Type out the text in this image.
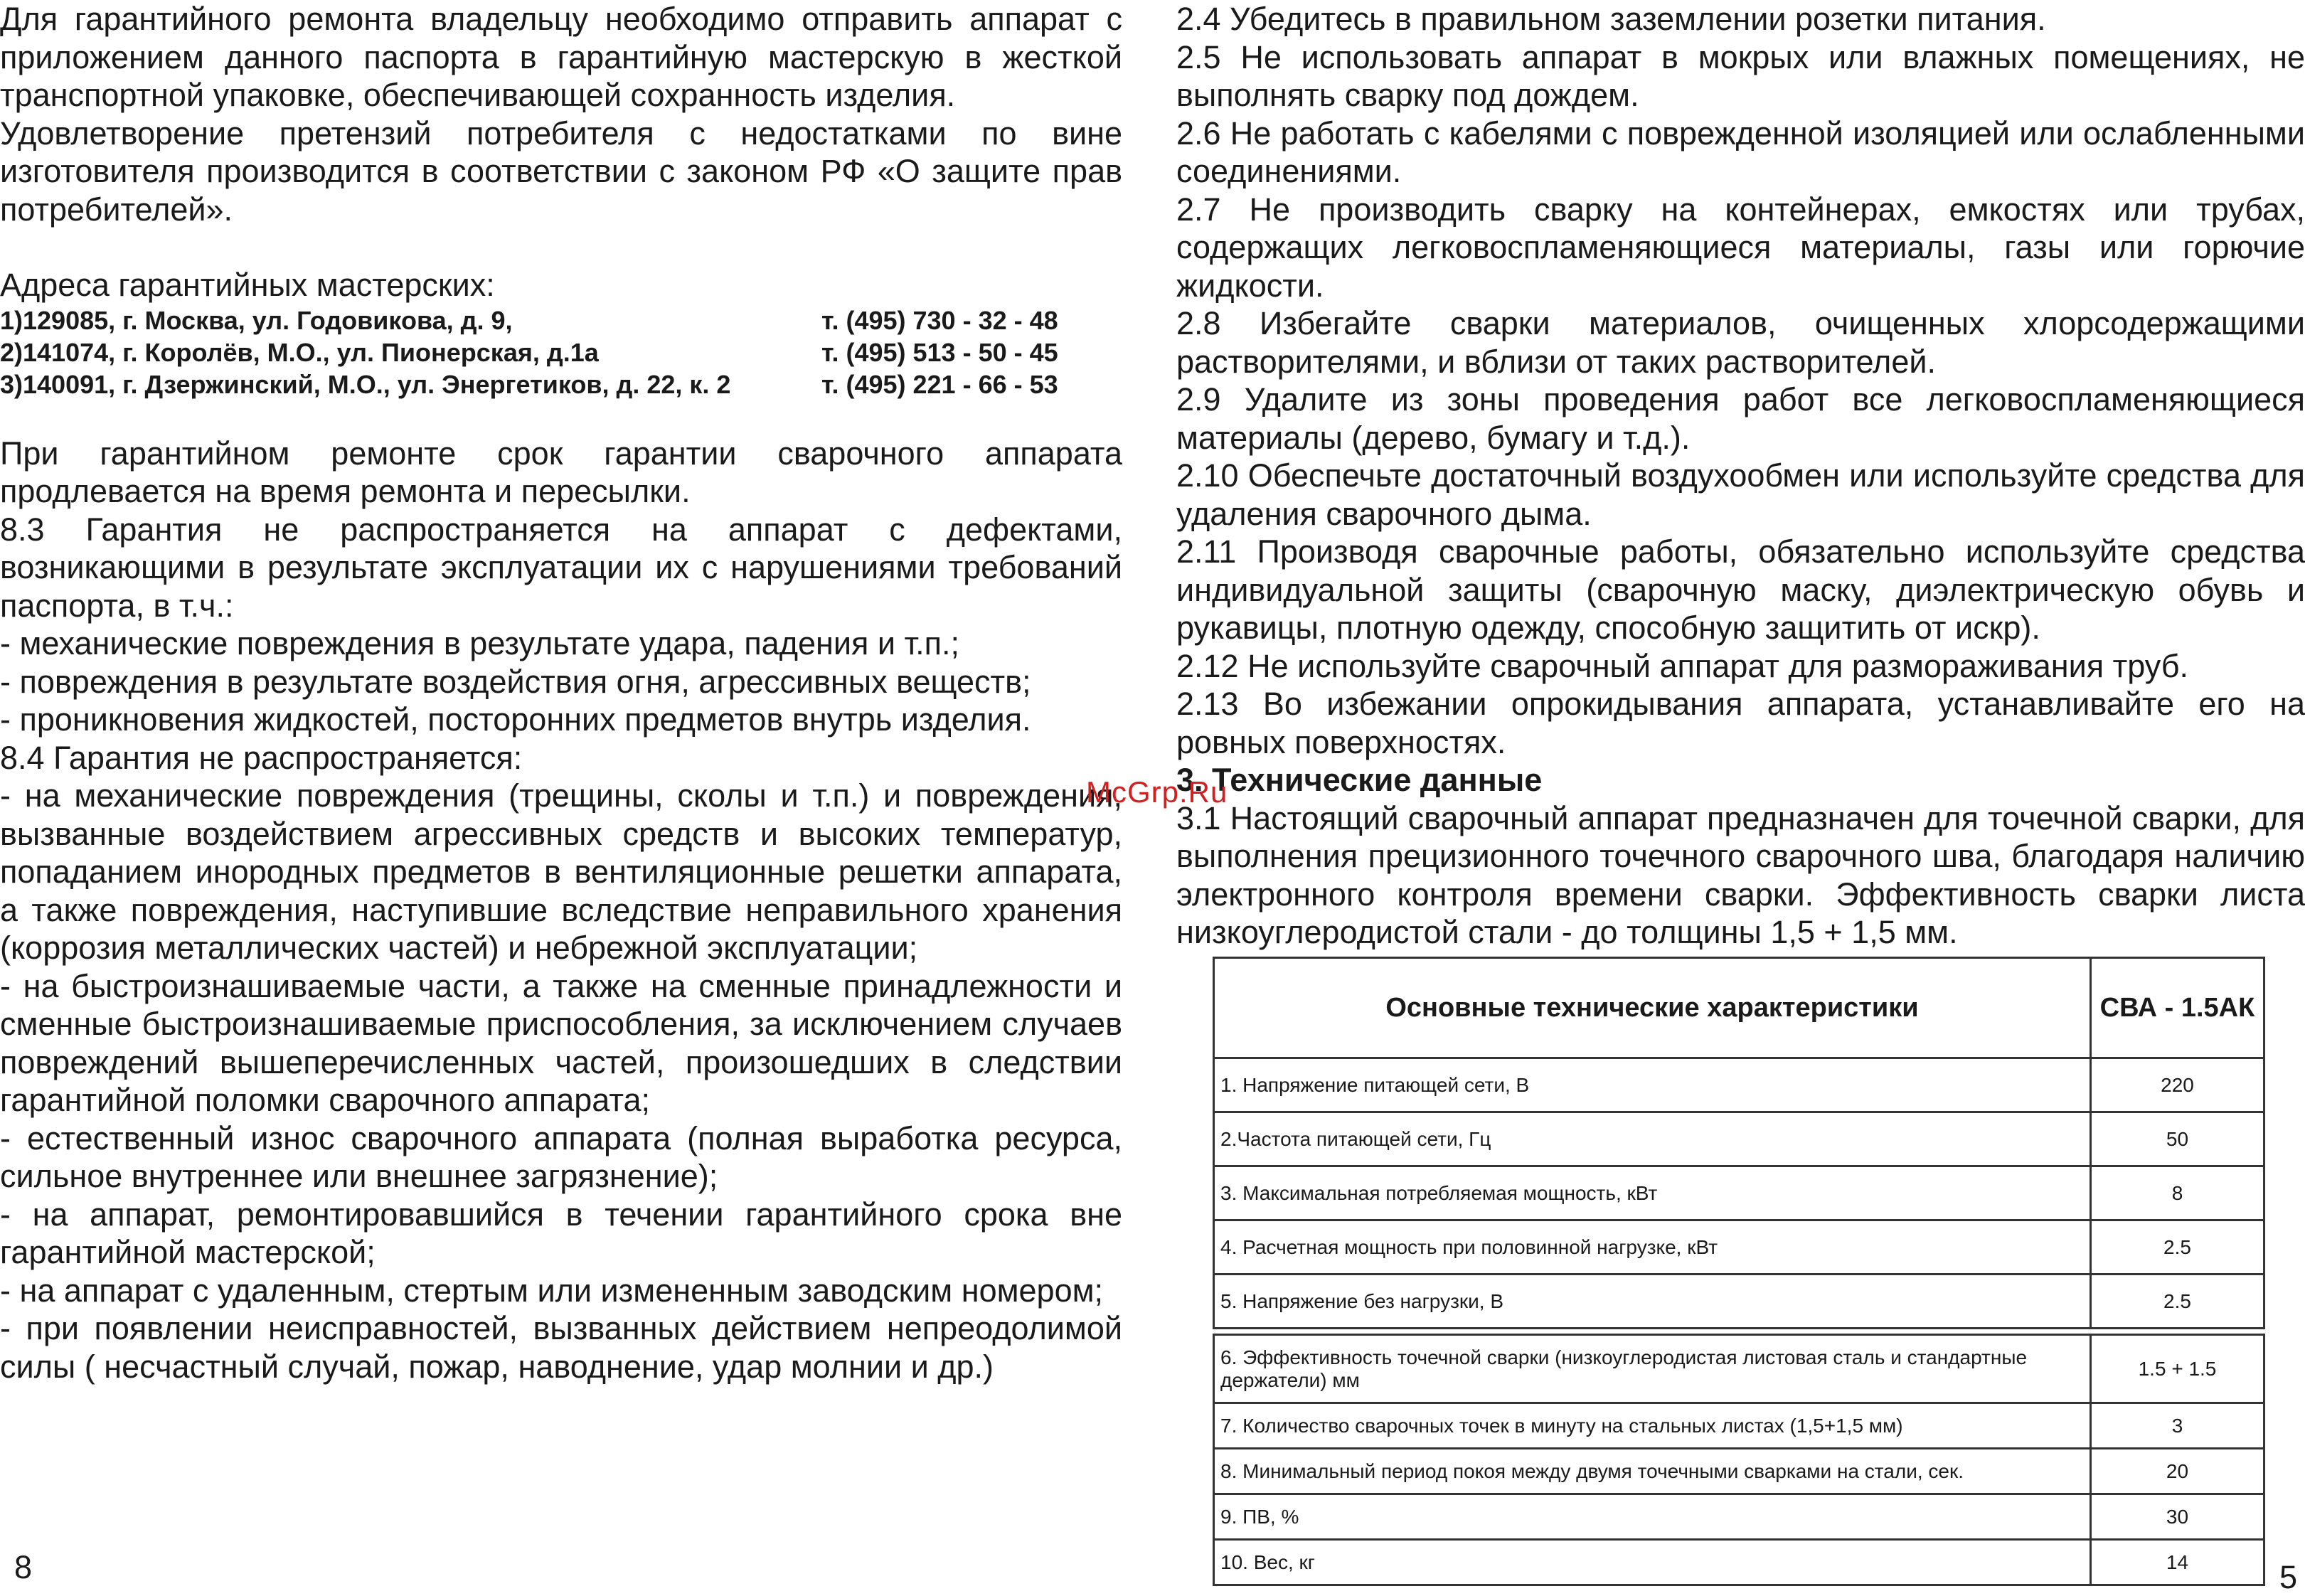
Для гарантийного ремонта владельцу необходимо отправить аппарат с приложением данного паспорта в гарантийную мастерскую в жесткой транспортной упаковке, обеспечивающей сохранность изделия.

Удовлетворение претензий потребителя с недостатками по вине изготовителя производится в соответствии с законом РФ «О защите прав потребителей».

Адреса гарантийных мастерских:

1)129085, г. Москва, ул. Годовикова, д. 9,	т. (495) 730 - 32 - 48
2)141074, г. Королёв, М.О., ул. Пионерская, д.1а	т. (495) 513 - 50 - 45
3)140091, г. Дзержинский, М.О., ул. Энергетиков, д. 22, к. 2	т. (495) 221 - 66 - 53

При гарантийном ремонте срок гарантии сварочного аппарата продлевается на время ремонта и пересылки.

8.3 Гарантия не распространяется на аппарат с дефектами, возникающими в результате эксплуатации их с нарушениями требований паспорта, в т.ч.:

- механические повреждения в результате удара, падения и т.п.;

- повреждения в результате воздействия огня, агрессивных веществ;

- проникновения жидкостей, посторонних предметов внутрь изделия.

8.4 Гарантия не распространяется:

- на механические повреждения (трещины, сколы и т.п.) и повреждения, вызванные воздействием агрессивных средств и высоких температур, попаданием инородных предметов в вентиляционные решетки аппарата, а также повреждения, наступившие вследствие неправильного хранения (коррозия металлических частей) и небрежной эксплуатации;

- на быстроизнашиваемые части, а также на сменные принадлежности и сменные быстроизнашиваемые приспособления, за исключением случаев повреждений вышеперечисленных частей, произошедших в следствии гарантийной поломки сварочного аппарата;

- естественный износ сварочного аппарата (полная выработка ресурса, сильное внутреннее или внешнее загрязнение);

- на аппарат, ремонтировавшийся в течении гарантийного срока вне гарантийной мастерской;

- на аппарат с удаленным, стертым или измененным заводским номером;

- при появлении неисправностей, вызванных действием непреодолимой силы ( несчастный случай, пожар, наводнение, удар молнии и др.)

8

2.4 Убедитесь в правильном заземлении розетки питания.

2.5 Не использовать аппарат в мокрых или влажных помещениях, не выполнять сварку под дождем.

2.6 Не работать с кабелями с поврежденной изоляцией или ослабленными соединениями.

2.7 Не производить сварку на контейнерах, емкостях или трубах, содержащих легковоспламеняющиеся материалы, газы или горючие жидкости.

2.8 Избегайте сварки материалов, очищенных хлорсодержащими растворителями, и вблизи от таких растворителей.

2.9 Удалите из зоны проведения работ все легковоспламеняющиеся материалы (дерево, бумагу и т.д.).

2.10 Обеспечьте достаточный воздухообмен или используйте средства для удаления сварочного дыма.

2.11 Производя сварочные работы, обязательно используйте средства индивидуальной защиты (сварочную маску, диэлектрическую обувь и рукавицы, плотную одежду, способную защитить от искр).

2.12 Не используйте сварочный аппарат для размораживания труб.

2.13 Во избежании опрокидывания аппарата, устанавливайте его на ровных поверхностях.

3. Технические данные

3.1 Настоящий сварочный аппарат предназначен для точечной сварки, для выполнения прецизионного точечного сварочного шва, благодаря наличию электронного контроля времени сварки. Эффективность сварки листа низкоуглеродистой стали - до толщины 1,5 + 1,5 мм.

McGrp.Ru
Основные технические характеристики	СВА - 1.5АК
1. Напряжение питающей сети, В	220
2.Частота питающей сети, Гц	50
3. Максимальная потребляемая мощность, кВт	8
4. Расчетная мощность при половинной нагрузке, кВт	2.5
5. Напряжение без нагрузки, В	2.5

6. Эффективность точечной сварки (низкоуглеродистая листовая сталь и стандартные держатели) мм	1.5 + 1.5
7. Количество сварочных точек в минуту на стальных листах (1,5+1,5 мм)	3
8. Минимальный период покоя между двумя точечными сварками на стали, сек.	20
9. ПВ, %	30
10. Вес, кг	14	5
